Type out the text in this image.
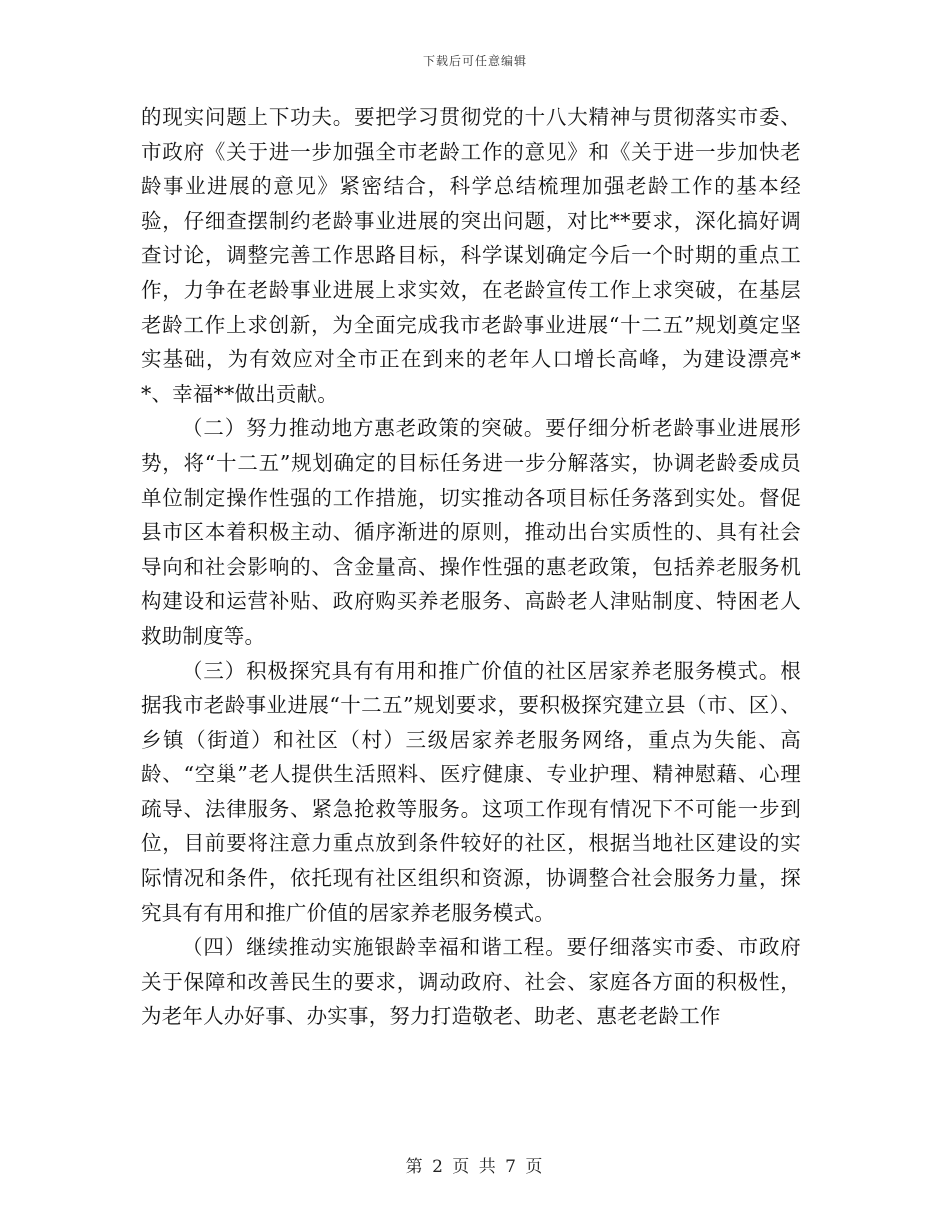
下载后可任意编辑

的现实问题上下功夫。要把学习贯彻党的十八大精神与贯彻落实市委、市政府《关于进一步加强全市老龄工作的意见》和《关于进一步加快老龄事业进展的意见》紧密结合，科学总结梳理加强老龄工作的基本经验，仔细查摆制约老龄事业进展的突出问题，对比**要求，深化搞好调查讨论，调整完善工作思路目标，科学谋划确定今后一个时期的重点工作，力争在老龄事业进展上求实效，在老龄宣传工作上求突破，在基层老龄工作上求创新，为全面完成我市老龄事业进展“十二五”规划奠定坚实基础，为有效应对全市正在到来的老年人口增长高峰，为建设漂亮**、幸福**做出贡献。

（二）努力推动地方惠老政策的突破。要仔细分析老龄事业进展形势，将“十二五”规划确定的目标任务进一步分解落实，协调老龄委成员单位制定操作性强的工作措施，切实推动各项目标任务落到实处。督促县市区本着积极主动、循序渐进的原则，推动出台实质性的、具有社会导向和社会影响的、含金量高、操作性强的惠老政策，包括养老服务机构建设和运营补贴、政府购买养老服务、高龄老人津贴制度、特困老人救助制度等。

（三）积极探究具有有用和推广价值的社区居家养老服务模式。根据我市老龄事业进展“十二五”规划要求，要积极探究建立县（市、区）、乡镇（街道）和社区（村）三级居家养老服务网络，重点为失能、高龄、“空巢”老人提供生活照料、医疗健康、专业护理、精神慰藉、心理疏导、法律服务、紧急抢救等服务。这项工作现有情况下不可能一步到位，目前要将注意力重点放到条件较好的社区，根据当地社区建设的实际情况和条件，依托现有社区组织和资源，协调整合社会服务力量，探究具有有用和推广价值的居家养老服务模式。

（四）继续推动实施银龄幸福和谐工程。要仔细落实市委、市政府关于保障和改善民生的要求，调动政府、社会、家庭各方面的积极性，为老年人办好事、办实事，努力打造敬老、助老、惠老老龄工作

第 2 页 共 7 页
